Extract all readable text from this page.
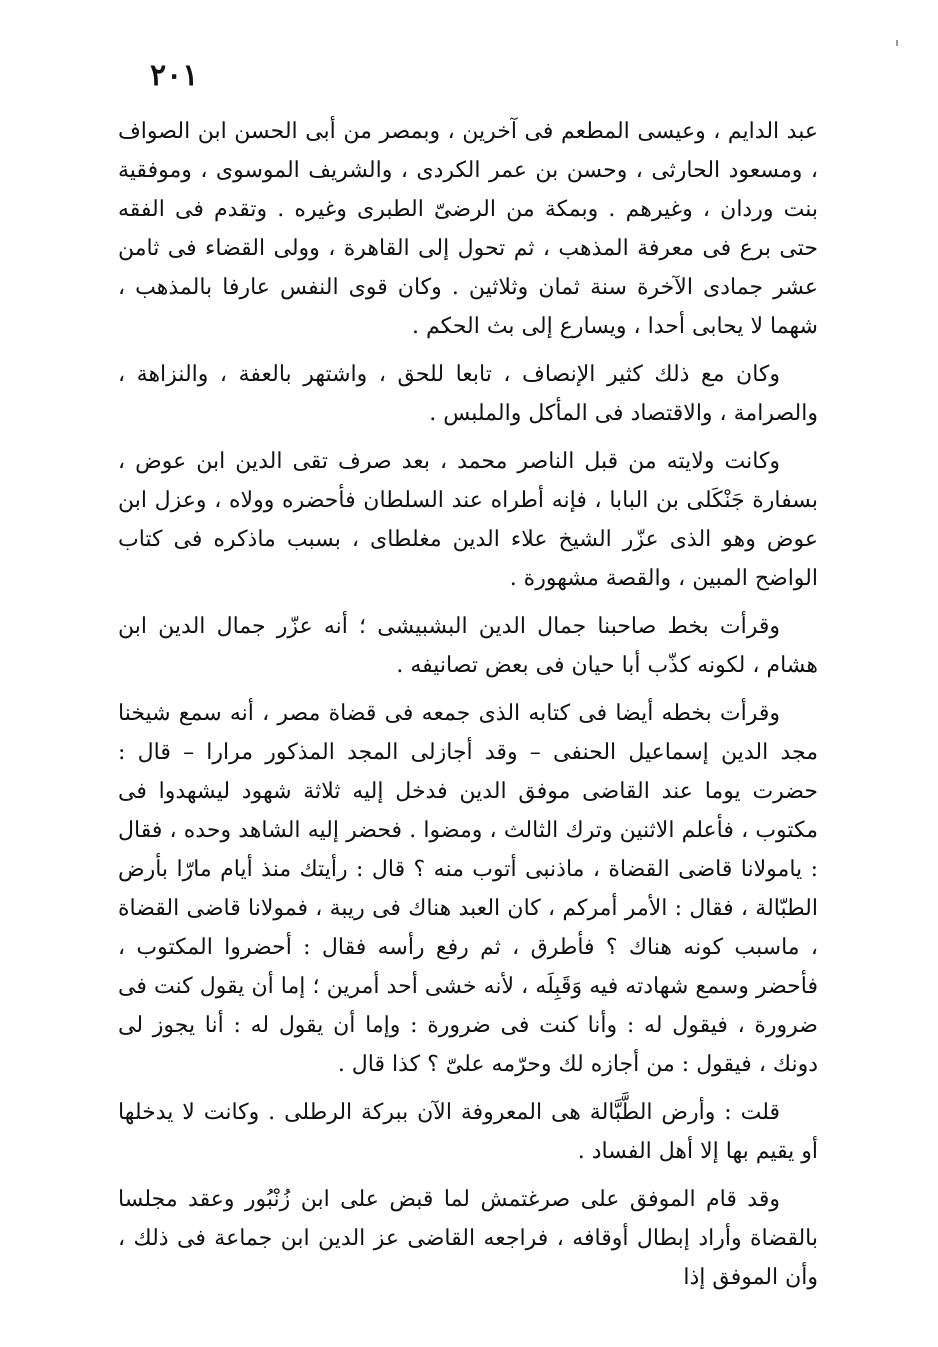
٢٠١

عبد الدايم ، وعيسى المطعم فى آخرين ، وبمصر من أبى الحسن ابن الصواف ، ومسعود الحارثى ، وحسن بن عمر الكردى ، والشريف الموسوى ، وموفقية بنت وردان ، وغيرهم . وبمكة من الرضىّ الطبرى وغيره . وتقدم فى الفقه حتى برع فى معرفة المذهب ، ثم تحول إلى القاهرة ، وولى القضاء فى ثامن عشر جمادى الآخرة سنة ثمان وثلاثين . وكان قوى النفس عارفا بالمذهب ، شهما لا يحابى أحدا ، ويسارع إلى بث الحكم .

وكان مع ذلك كثير الإنصاف ، تابعا للحق ، واشتهر بالعفة ، والنزاهة ، والصرامة ، والاقتصاد فى المأكل والملبس .

وكانت ولايته من قبل الناصر محمد ، بعد صرف تقى الدين ابن عوض ، بسفارة جَنْكَلى بن البابا ، فإنه أطراه عند السلطان فأحضره وولاه ، وعزل ابن عوض وهو الذى عزّر الشيخ علاء الدين مغلطاى ، بسبب ماذكره فى كتاب الواضح المبين ، والقصة مشهورة .

وقرأت بخط صاحبنا جمال الدين البشبيشى ؛ أنه عزّر جمال الدين ابن هشام ، لكونه كذّب أبا حيان فى بعض تصانيفه .

وقرأت بخطه أيضا فى كتابه الذى جمعه فى قضاة مصر ، أنه سمع شيخنا مجد الدين إسماعيل الحنفى – وقد أجازلى المجد المذكور مرارا – قال : حضرت يوما عند القاضى موفق الدين فدخل إليه ثلاثة شهود ليشهدوا فى مكتوب ، فأعلم الاثنين وترك الثالث ، ومضوا . فحضر إليه الشاهد وحده ، فقال : يامولانا قاضى القضاة ، ماذنبى أتوب منه ؟ قال : رأيتك منذ أيام مارّا بأرض الطبّالة ، فقال : الأمر أمركم ، كان العبد هناك فى ريبة ، فمولانا قاضى القضاة ، ماسبب كونه هناك ؟ فأطرق ، ثم رفع رأسه فقال : أحضروا المكتوب ، فأحضر وسمع شهادته فيه وَقَبِلَه ، لأنه خشى أحد أمرين ؛ إما أن يقول كنت فى ضرورة ، فيقول له : وأنا كنت فى ضرورة : وإما أن يقول له : أنا يجوز لى دونك ، فيقول : من أجازه لك وحرّمه علىّ ؟ كذا قال .

قلت : وأرض الطَّبَّالة هى المعروفة الآن ببركة الرطلى . وكانت لا يدخلها أو يقيم بها إلا أهل الفساد .

وقد قام الموفق على صرغتمش لما قبض على ابن زُنْبُور وعقد مجلسا بالقضاة وأراد إبطال أوقافه ، فراجعه القاضى عز الدين ابن جماعة فى ذلك ، وأن الموفق إذا
